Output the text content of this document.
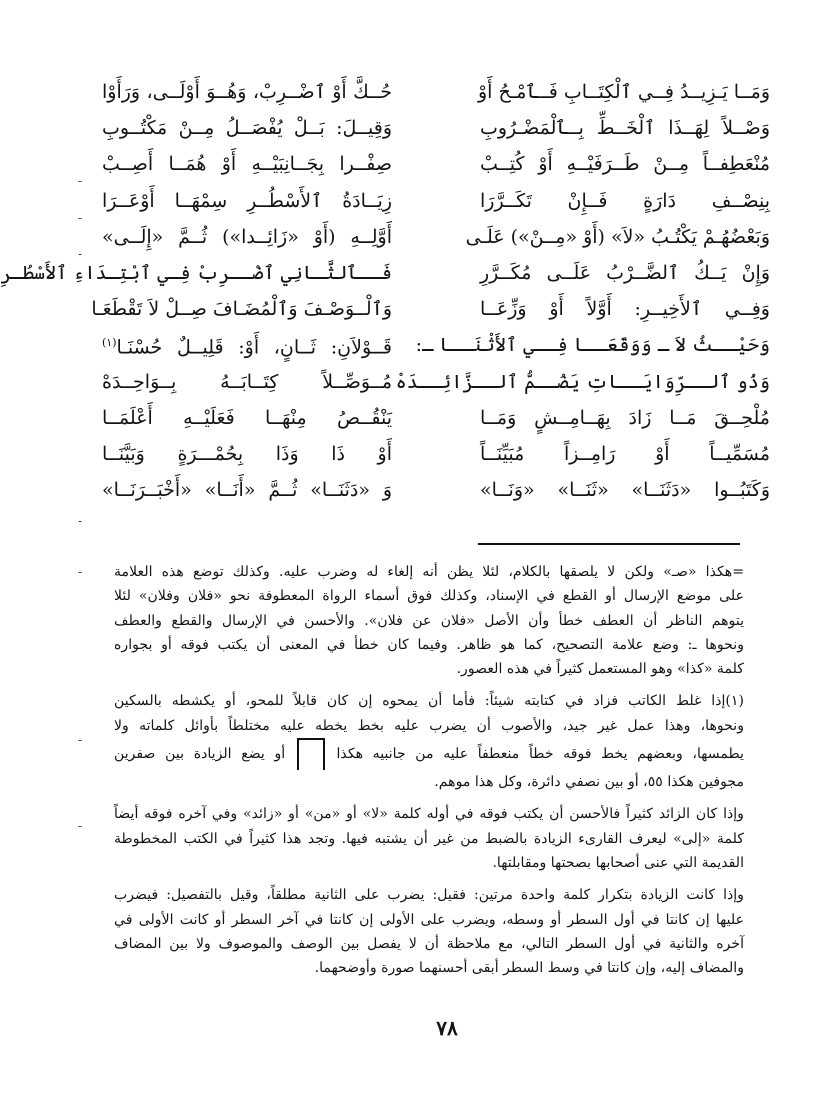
-
-
-
-
-
-
-
وَمَــا يَـزِيــدُ فِــي ٱلْكِتَــابِ فَــٱمْـحُ أَوْ
حُــكَّ أَوْ ٱضْــرِبْ، وَهُــوَ أَوْلَــى، وَرَأَوْا
وَصْــلاً لِهَــذَا ٱلْخَــطِّ بِــٱلْمَضْـرُوبِ
وَقِيــلَ: بَــلْ يُفْصَــلُ مِــنْ مَكْتُــوبِ
مُنْعَطِفــاً مِــنْ طَــرَفَيْــهِ أَوْ كُتِــبْ
صِفْــرا بِجَــانِبَيْــهِ أَوْ هُمَــا أَصِــبْ
بِنِصْــفِ دَارَةٍ فَــإِنْ تَكَــرَّرَا
زِيَــادَةُ ٱلأَسْطُــرِ سِمْهَــا أَوْعَــرَا
وَبَعْضُهُـمْ يَكْتُـبُ «لاَ» (أَوْ «مِــنْ») عَلَـى
أَوَّلِــهِ (أَوْ «زَائِــدا») ثُــمَّ «إِلَــى»
وَإِنْ يَــكُ ٱلضَّــرْبُ عَلَــى مُكَــرَّرِ
فَــٱلثَّـانِي ٱضْــرِبْ فِـي ٱبْتِـدَاءِ ٱلأَسْطُـرِ
وَفِــي ٱلأَخِيــرِ: أَوَّلاً أَوْ وَزِّعَــا
وَٱلْــوَصْـفَ وَٱلْمُضَـافَ صِــلْ لاَ تَقْطَعَـا
وَحَيْــثُ لاَ ـ وَوَقَعَــا فِــي ٱلأَثْنَــا ـ:
قَــوْلاَنِ: ثَــانٍ، أَوْ: قَلِيــلٌ حُسْنَـا$^{(١)}$
وَذُو ٱلــرِّوَايَــاتِ يَضُــمُّ ٱلــزَّائِــدَهْ
مُــوَصِّــلاً كِتَــابَــهُ بِــوَاحِــدَهْ
مُلْحِــقَ مَــا زَادَ بِهَــامِــشٍ وَمَــا
يَنْقُــصُ مِنْهَــا فَعَلَيْــهِ أَعْلَمَــا
مُسَمِّيــاً أَوْ رَامِــزاً مُبَيِّنَــاً
أَوْ ذَا وَذَا بِحُمْـــرَةٍ وَبَيَّنَــا
وَكَتَبُــوا «دَثَنَــا» «ثَنَــا» «وَنَــا»
وَ «دَثَنَــا» ثُــمَّ «أَنَــا» «أَخْبَــرَنَــا»
=هكذا «صـ» ولكن لا يلصقها بالكلام، لئلا يظن أنه إلغاء له وضرب عليه. وكذلك توضع هذه العلامة
على موضع الإرسال أو القطع في الإسناد، وكذلك فوق أسماء الرواة المعطوفة نحو «فلان وفلان» لئلا
يتوهم الناظر أن العطف خطأ وأن الأصل «فلان عن فلان». والأحسن في الإرسال والقطع والعطف
ونحوها ـ: وضع علامة التصحيح، كما هو ظاهر. وفيما كان خطأ في المعنى أن يكتب فوقه أو بجواره
كلمة «كذا» وهو المستعمل كثيراً في هذه العصور.
(١)إذا غلط الكاتب فزاد في كتابته شيئاً: فأما أن يمحوه إن كان قابلاً للمحو، أو يكشطه بالسكين
ونحوها، وهذا عمل غير جيد، والأصوب أن يضرب عليه بخط يخطه عليه مختلطاً بأوائل كلماته ولا
يطمسها، وبعضهم يخط فوقه خطاً منعطفاً عليه من جانبيه هكذا  أو يضع الزيادة بين صفرين
مجوفين هكذا ٥٥، أو بين نصفي دائرة، وكل هذا موهم.
وإذا كان الزائد كثيراً فالأحسن أن يكتب فوقه في أوله كلمة «لا» أو «من» أو «زائد» وفي آخره فوقه أيضاً
كلمة «إلى» ليعرف القارىء الزيادة بالضبط من غير أن يشتبه فيها. وتجد هذا كثيراً في الكتب المخطوطة
القديمة التي عنى أصحابها بصحتها ومقابلتها.
وإذا كانت الزيادة بتكرار كلمة واحدة مرتين: فقيل: يضرب على الثانية مطلقاً، وقيل بالتفصيل: فيضرب
عليها إن كانتا في أول السطر أو وسطه، ويضرب على الأولى إن كانتا في آخر السطر أو كانت الأولى في
آخره والثانية في أول السطر التالي، مع ملاحظة أن لا يفصل بين الوصف والموصوف ولا بين المضاف
والمضاف إليه، وإن كانتا في وسط السطر أبقى أحسنهما صورة وأوضحهما.
٧٨
